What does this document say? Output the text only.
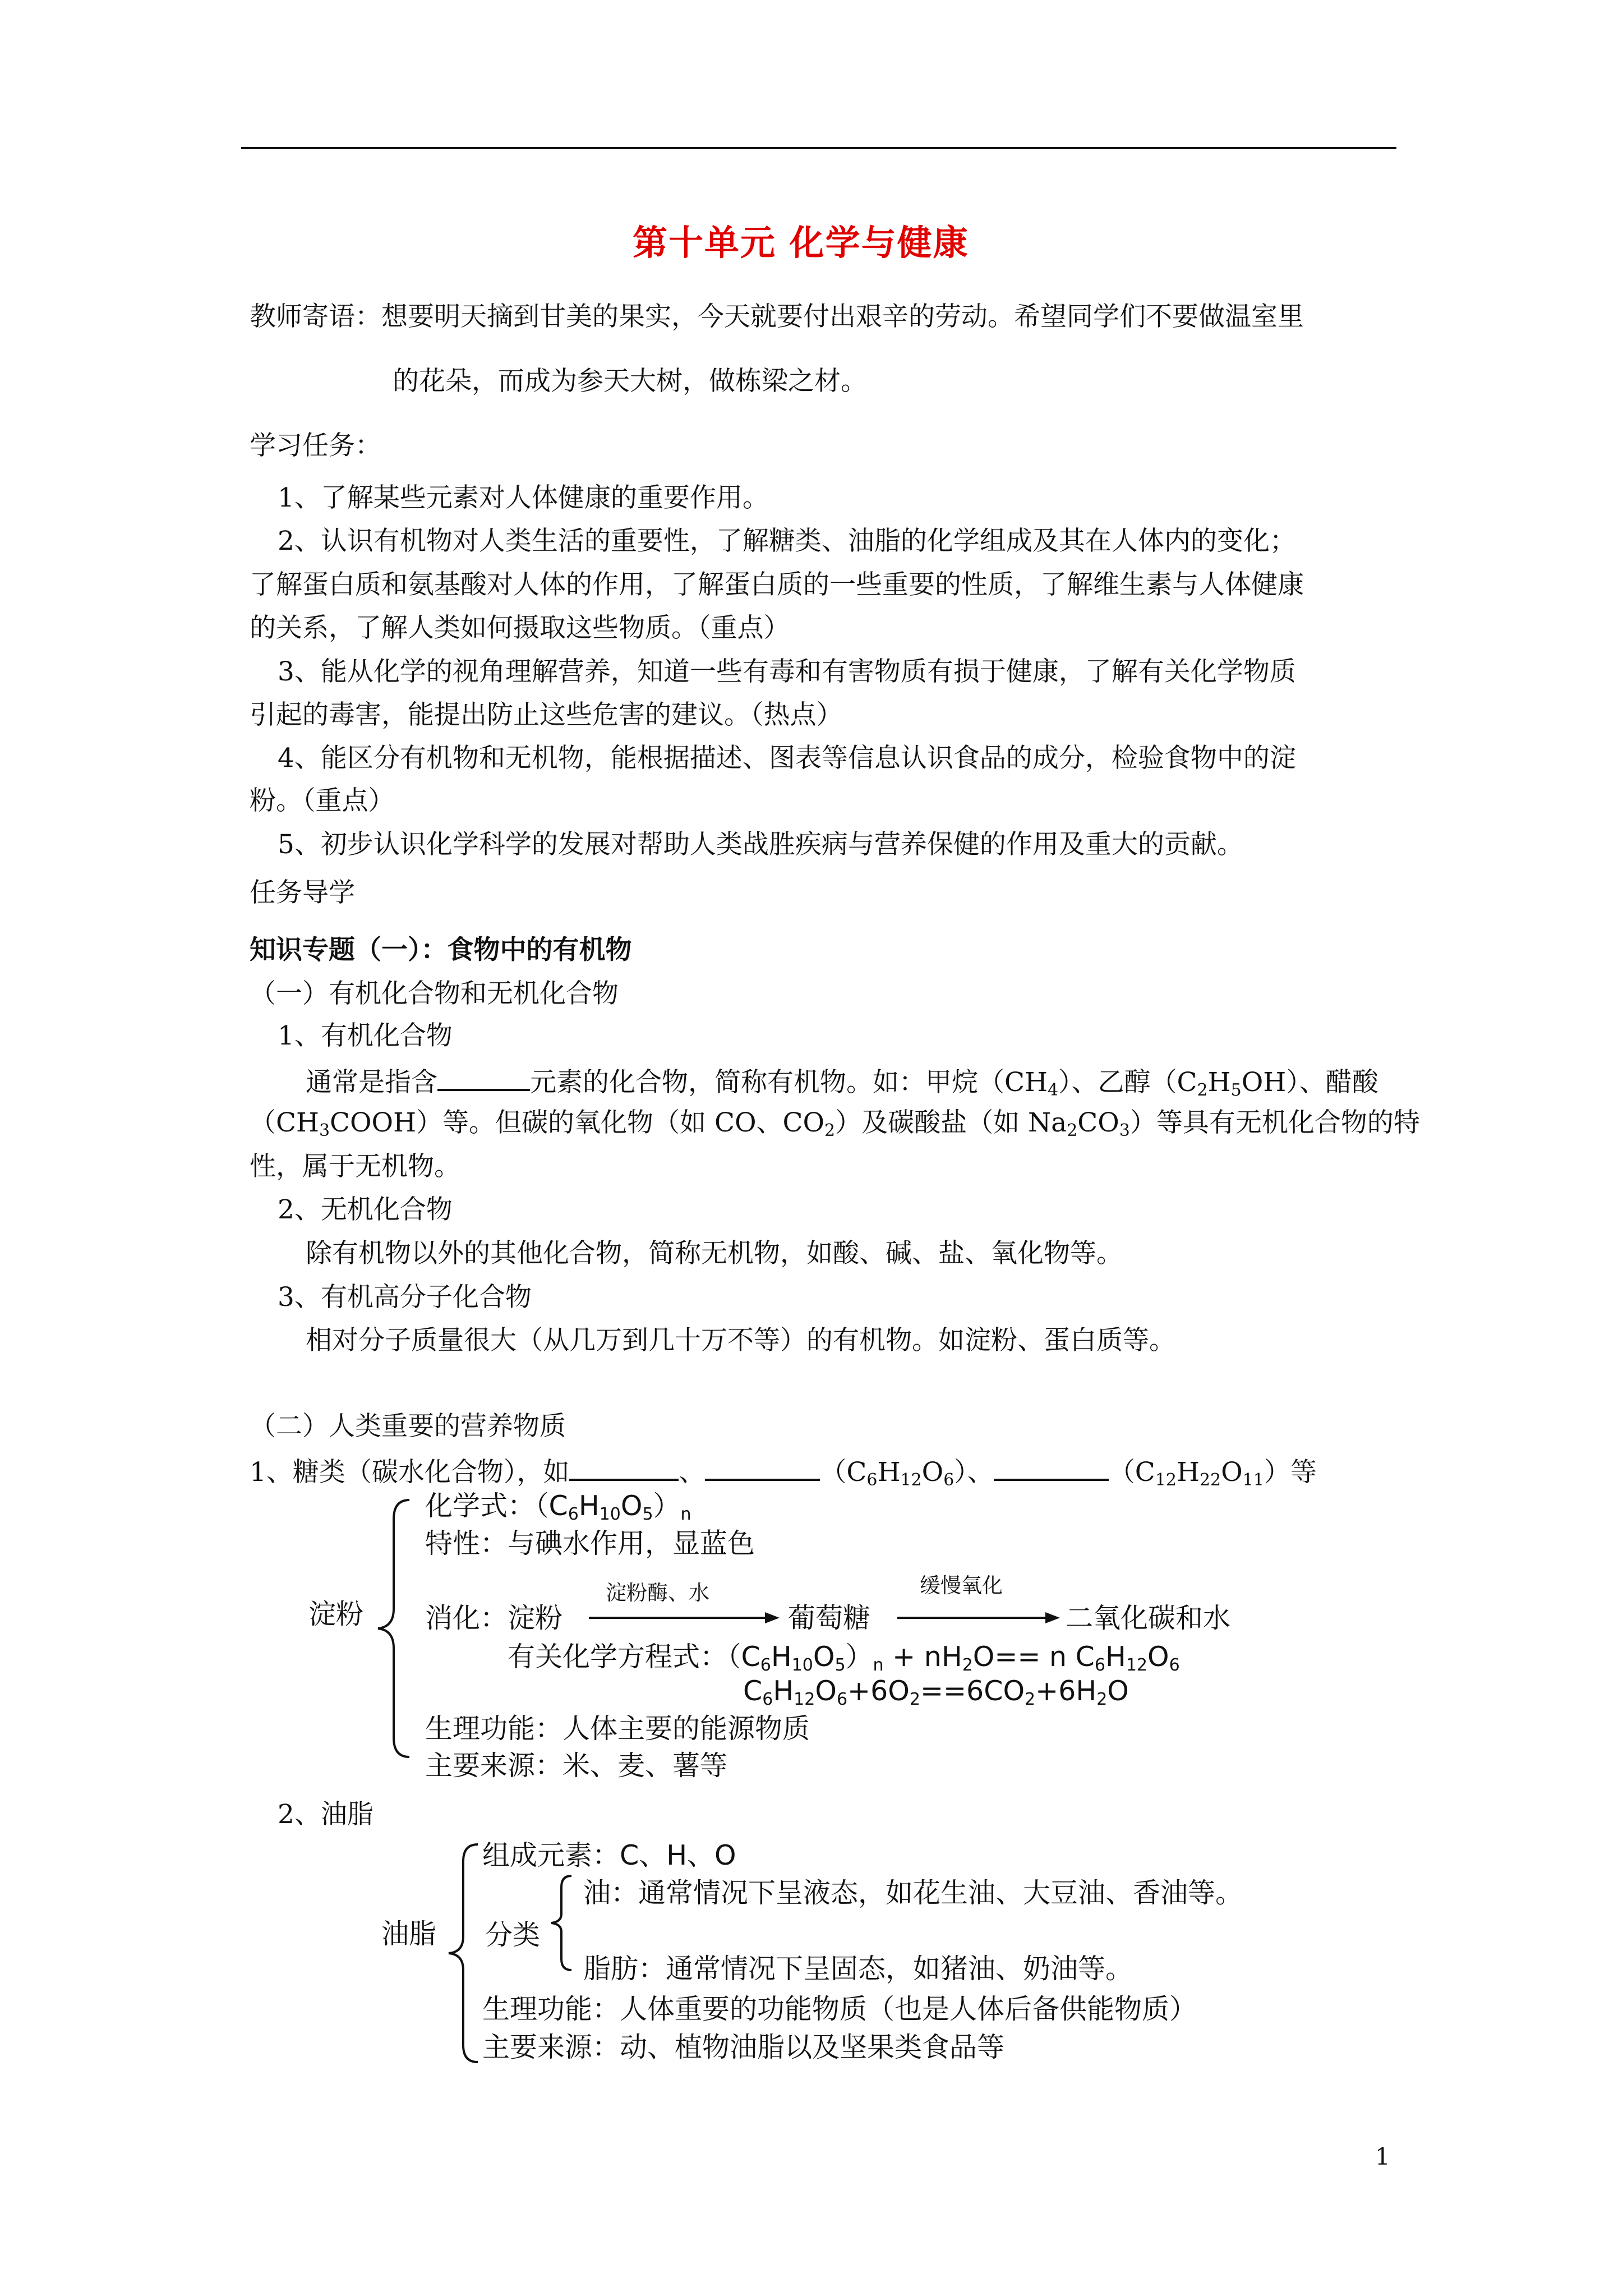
第十单元 化学与健康
教师寄语：想要明天摘到甘美的果实，今天就要付出艰辛的劳动。希望同学们不要做温室里
的花朵，而成为参天大树，做栋梁之材。
学习任务：
1、了解某些元素对人体健康的重要作用。
2、认识有机物对人类生活的重要性，了解糖类、油脂的化学组成及其在人体内的变化；
了解蛋白质和氨基酸对人体的作用，了解蛋白质的一些重要的性质，了解维生素与人体健康
的关系，了解人类如何摄取这些物质。（重点）
3、能从化学的视角理解营养，知道一些有毒和有害物质有损于健康，了解有关化学物质
引起的毒害，能提出防止这些危害的建议。（热点）
4、能区分有机物和无机物，能根据描述、图表等信息认识食品的成分，检验食物中的淀
粉。（重点）
5、初步认识化学科学的发展对帮助人类战胜疾病与营养保健的作用及重大的贡献。
任务导学
知识专题（一）：食物中的有机物
（一）有机化合物和无机化合物
1、有机化合物
通常是指含	元素的化合物，简称有机物。如：甲烷$(CH_4)$、乙醇$(C_2H_5OH)$、醋酸
$(CH_3COOH)$等。但碳的氧化物（如 CO、$CO_2$）及碳酸盐（如 $Na_2CO_3$）等具有无机化合物的特
性，属于无机物。
2、无机化合物
除有机物以外的其他化合物，简称无机物，如酸、碱、盐、氧化物等。
3、有机高分子化合物
相对分子质量很大（从几万到几十万不等）的有机物。如淀粉、蛋白质等。
（二）人类重要的营养物质
1、糖类（碳水化合物），如	、	$(C_6H_{12}O_6)$、	$(C_{12}H_{22}O_{11})$等
淀粉
化学式：$(C_6H_{10}O_5)_n$
特性：与碘水作用，显蓝色
消化：淀粉
淀粉酶、水
葡萄糖
缓慢氧化
二氧化碳和水
有关化学方程式：$(C_6H_{10}O_5)_n + nH_2O== n$ $C_6H_{12}O_6$
$C_6H_{12}O_6+6O_2==6CO_2+6H_2O$
生理功能：人体主要的能源物质
主要来源：米、麦、薯等
2、油脂
油脂
组成元素：C、H、O
分类
油：通常情况下呈液态，如花生油、大豆油、香油等。
脂肪：通常情况下呈固态，如猪油、奶油等。
生理功能：人体重要的功能物质（也是人体后备供能物质）
主要来源：动、植物油脂以及坚果类食品等
1
